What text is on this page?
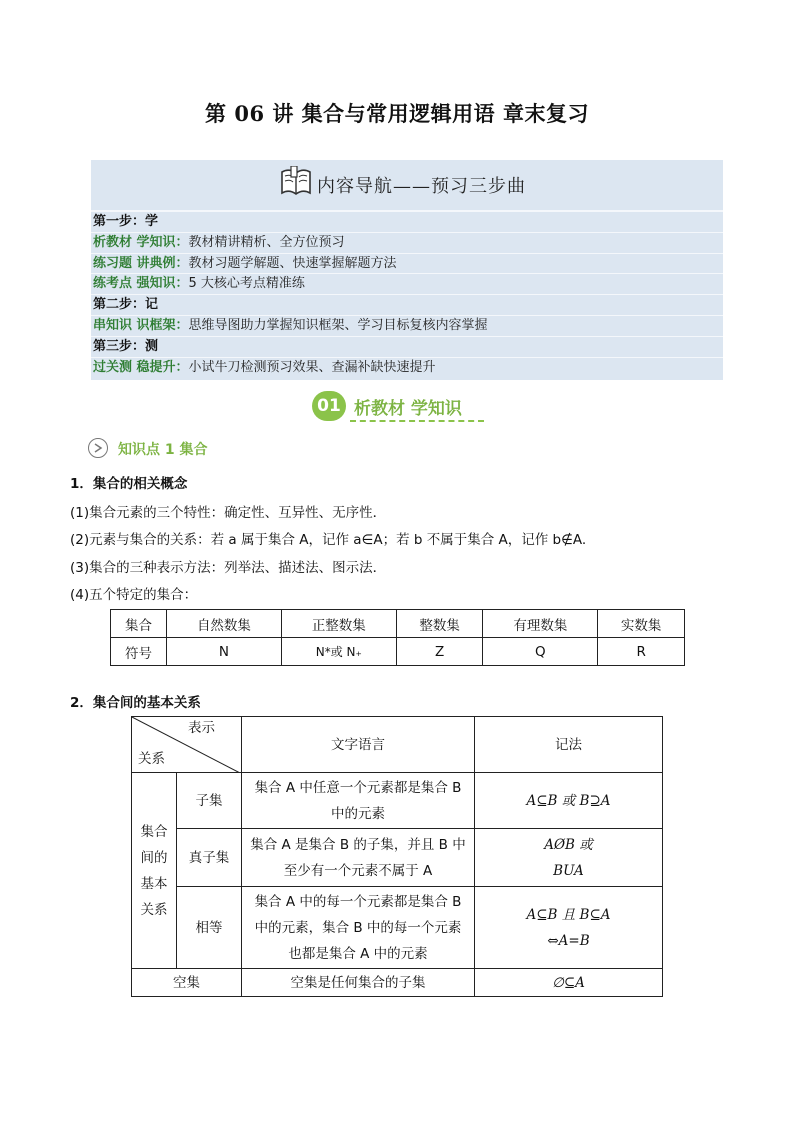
第 06 讲 集合与常用逻辑用语 章末复习
内容导航——预习三步曲
第一步：学
析教材 学知识：教材精讲精析、全方位预习
练习题 讲典例：教材习题学解题、快速掌握解题方法
练考点 强知识：5 大核心考点精准练
第二步：记
串知识 识框架：思维导图助力掌握知识框架、学习目标复核内容掌握
第三步：测
过关测 稳提升：小试牛刀检测预习效果、查漏补缺快速提升
01 析教材 学知识
知识点 1 集合
1．集合的相关概念
(1)集合元素的三个特性：确定性、互异性、无序性．
(2)元素与集合的关系：若 a 属于集合 A，记作 a∈A；若 b 不属于集合 A，记作 b∉A.
(3)集合的三种表示方法：列举法、描述法、图示法．
(4)五个特定的集合：
集合	自然数集	正整数集	整数集	有理数集	实数集
符号	N	N*或 N₊	Z	Q	R
2．集合间的基本关系
表示
关系		文字语言	记法
集合
间的
基本
关系	子集	集合 A 中任意一个元素都是集合 B
中的元素	A⊆B 或 B⊇A
	真子集	集合 A 是集合 B 的子集，并且 B 中
至少有一个元素不属于 A	AØB 或
BUA
	相等	集合 A 中的每一个元素都是集合 B
中的元素，集合 B 中的每一个元素
也都是集合 A 中的元素	A⊆B 且 B⊆A
⇔A=B
空集		空集是任何集合的子集	∅⊆A
